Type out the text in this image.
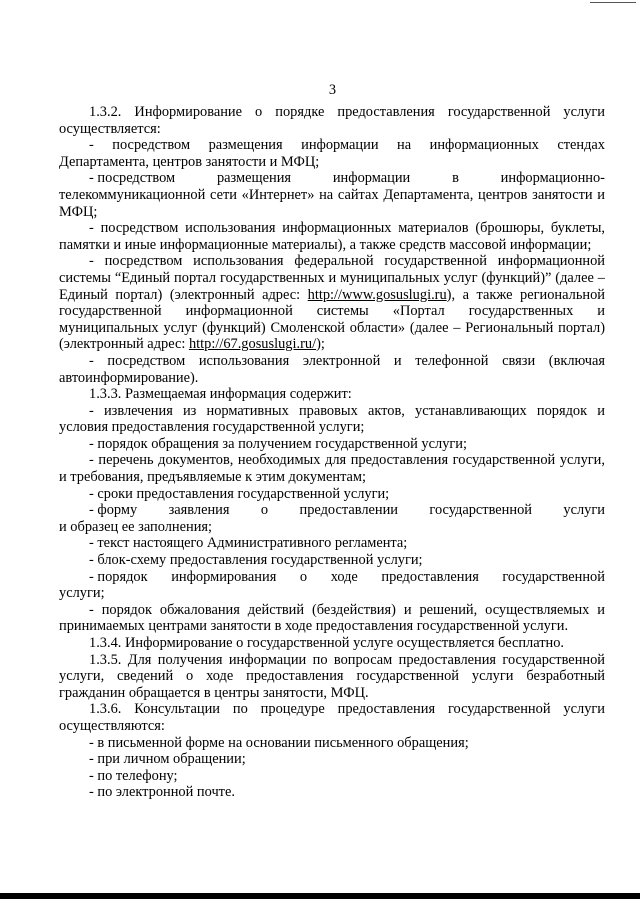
3

1.3.2. Информирование о порядке предоставления государственной услуги осуществляется:

- посредством размещения информации на информационных стендах Департамента, центров занятости и МФЦ;

- посредством	размещения	информации	в	информационно-

телекоммуникационной сети «Интернет» на сайтах Департамента, центров занятости и МФЦ;

- посредством использования информационных материалов (брошюры, буклеты, памятки и иные информационные материалы), а также средств массовой информации;

- посредством использования федеральной государственной информационной системы “Единый портал государственных и муниципальных услуг (функций)” (далее – Единый портал) (электронный адрес: http://www.gosuslugi.ru), а также региональной государственной информационной системы «Портал государственных и муниципальных услуг (функций) Смоленской области» (далее – Региональный портал) (электронный адрес: http://67.gosuslugi.ru/);

- посредством использования электронной и телефонной связи (включая автоинформирование).

1.3.3. Размещаемая информация содержит:

- извлечения из нормативных правовых актов, устанавливающих порядок и условия предоставления государственной услуги;

- порядок обращения за получением государственной услуги;

- перечень документов, необходимых для предоставления государственной услуги, и требования, предъявляемые к этим документам;

- сроки предоставления государственной услуги;

- форму заявления о предоставлении государственной услуги

и образец ее заполнения;

- текст настоящего Административного регламента;

- блок-схему предоставления государственной услуги;

- порядок информирования о ходе предоставления государственной

услуги;

- порядок обжалования действий (бездействия) и решений, осуществляемых и принимаемых центрами занятости в ходе предоставления государственной услуги.

1.3.4. Информирование о государственной услуге осуществляется бесплатно.

1.3.5. Для получения информации по вопросам предоставления государственной услуги, сведений о ходе предоставления государственной услуги безработный гражданин обращается в центры занятости, МФЦ.

1.3.6. Консультации по процедуре предоставления государственной услуги осуществляются:

- в письменной форме на основании письменного обращения;

- при личном обращении;

- по телефону;

- по электронной почте.
